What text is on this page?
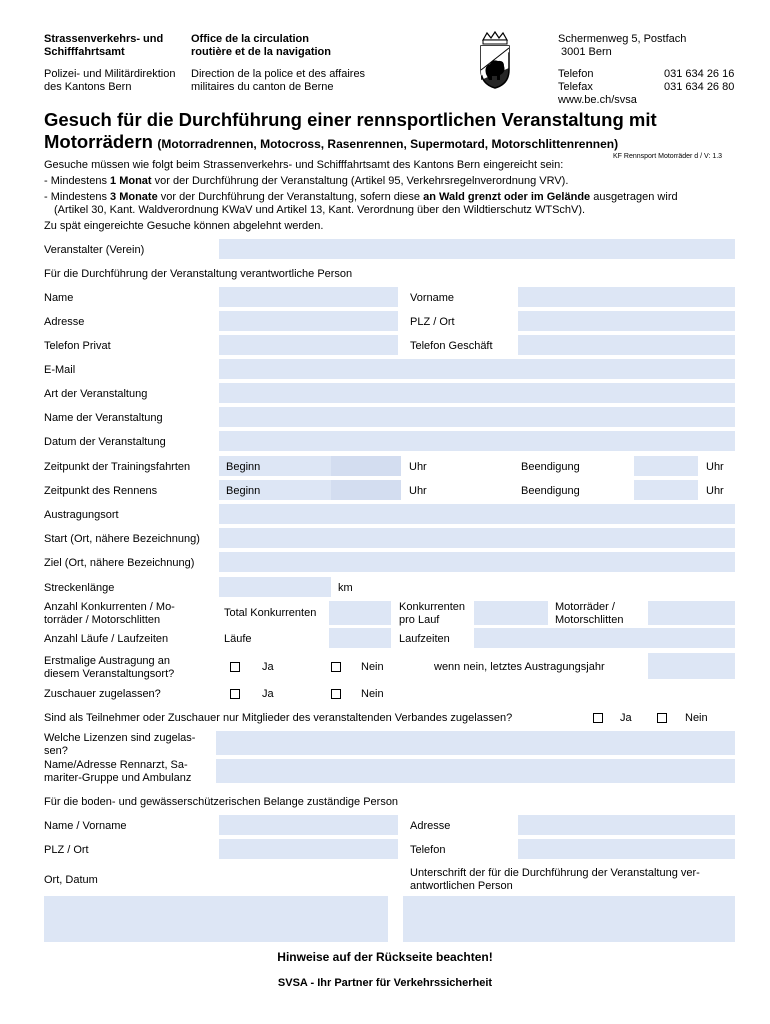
Strassenverkehrs- und
Schifffahrtsamt
Office de la circulation
routière et de la navigation
Polizei- und Militärdirektion
des Kantons Bern
Direction de la police et des affaires
militaires du canton de Berne
Schermenweg 5, Postfach
3001 Bern
Telefon	031 634 26 16
Telefax	031 634 26 80
www.be.ch/svsa
Gesuch für die Durchführung einer rennsportlichen Veranstaltung mit
Motorrädern (Motorradrennen, Motocross, Rasenrennen, Supermotard, Motorschlittenrennen)
KF Rennsport Motorräder d / V: 1.3
Gesuche müssen wie folgt beim Strassenverkehrs- und Schifffahrtsamt des Kantons Bern eingereicht sein:
- Mindestens 1 Monat vor der Durchführung der Veranstaltung (Artikel 95, Verkehrsregelnverordnung VRV).
- Mindestens 3 Monate vor der Durchführung der Veranstaltung, sofern diese an Wald grenzt oder im Gelände ausgetragen wird
(Artikel 30, Kant. Waldverordnung KWaV und Artikel 13, Kant. Verordnung über den Wildtierschutz WTSchV).
Zu spät eingereichte Gesuche können abgelehnt werden.
Veranstalter (Verein)
Für die Durchführung der Veranstaltung verantwortliche Person
Name	Vorname
Adresse	PLZ / Ort
Telefon Privat	Telefon Geschäft
E-Mail
Art der Veranstaltung
Name der Veranstaltung
Datum der Veranstaltung
Zeitpunkt der Trainingsfahrten	Beginn	Uhr	Beendigung	Uhr
Zeitpunkt des Rennens	Beginn	Uhr	Beendigung	Uhr
Austragungsort
Start (Ort, nähere Bezeichnung)
Ziel (Ort, nähere Bezeichnung)
Streckenlänge	km
Anzahl Konkurrenten / Mo-
torräder / Motorschlitten
Total Konkurrenten	Konkurrenten
pro Lauf
Motorräder /
Motorschlitten
Anzahl Läufe / Laufzeiten	Läufe	Laufzeiten
Erstmalige Austragung an
diesem Veranstaltungsort?
Ja	Nein	wenn nein, letztes Austragungsjahr
Zuschauer zugelassen?	Ja	Nein
Sind als Teilnehmer oder Zuschauer nur Mitglieder des veranstaltenden Verbandes zugelassen?	Ja	Nein
Welche Lizenzen sind zugelas-
sen?
Name/Adresse Rennarzt, Sa-
mariter-Gruppe und Ambulanz
Für die boden- und gewässerschützerischen Belange zuständige Person
Name / Vorname	Adresse
PLZ / Ort	Telefon
Ort, Datum
Unterschrift der für die Durchführung der Veranstaltung ver-
antwortlichen Person
Hinweise auf der Rückseite beachten!
SVSA - Ihr Partner für Verkehrssicherheit
